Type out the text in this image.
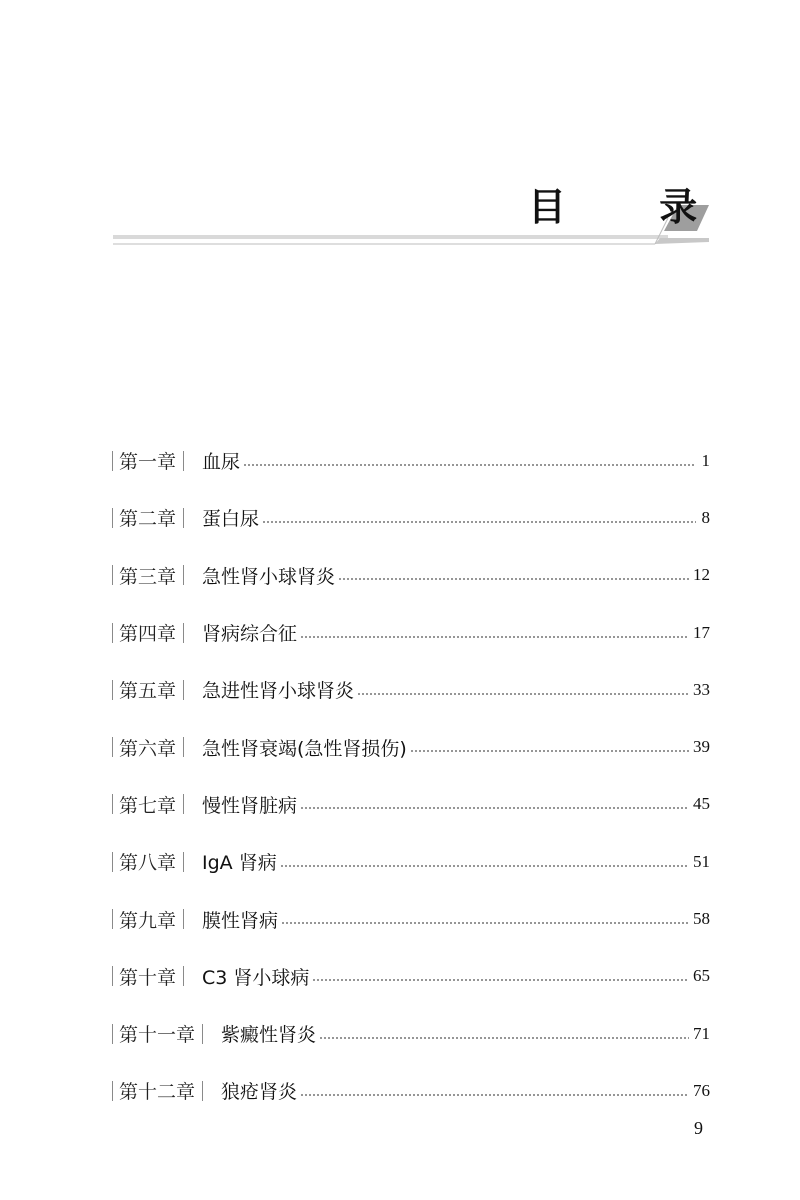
目 录
第一章 血尿	1
第二章 蛋白尿	8
第三章 急性肾小球肾炎	12
第四章 肾病综合征	17
第五章 急进性肾小球肾炎	33
第六章 急性肾衰竭(急性肾损伤)	39
第七章 慢性肾脏病	45
第八章 IgA 肾病	51
第九章 膜性肾病	58
第十章 C3 肾小球病	65
第十一章 紫癜性肾炎	71
第十二章 狼疮肾炎	76
9
